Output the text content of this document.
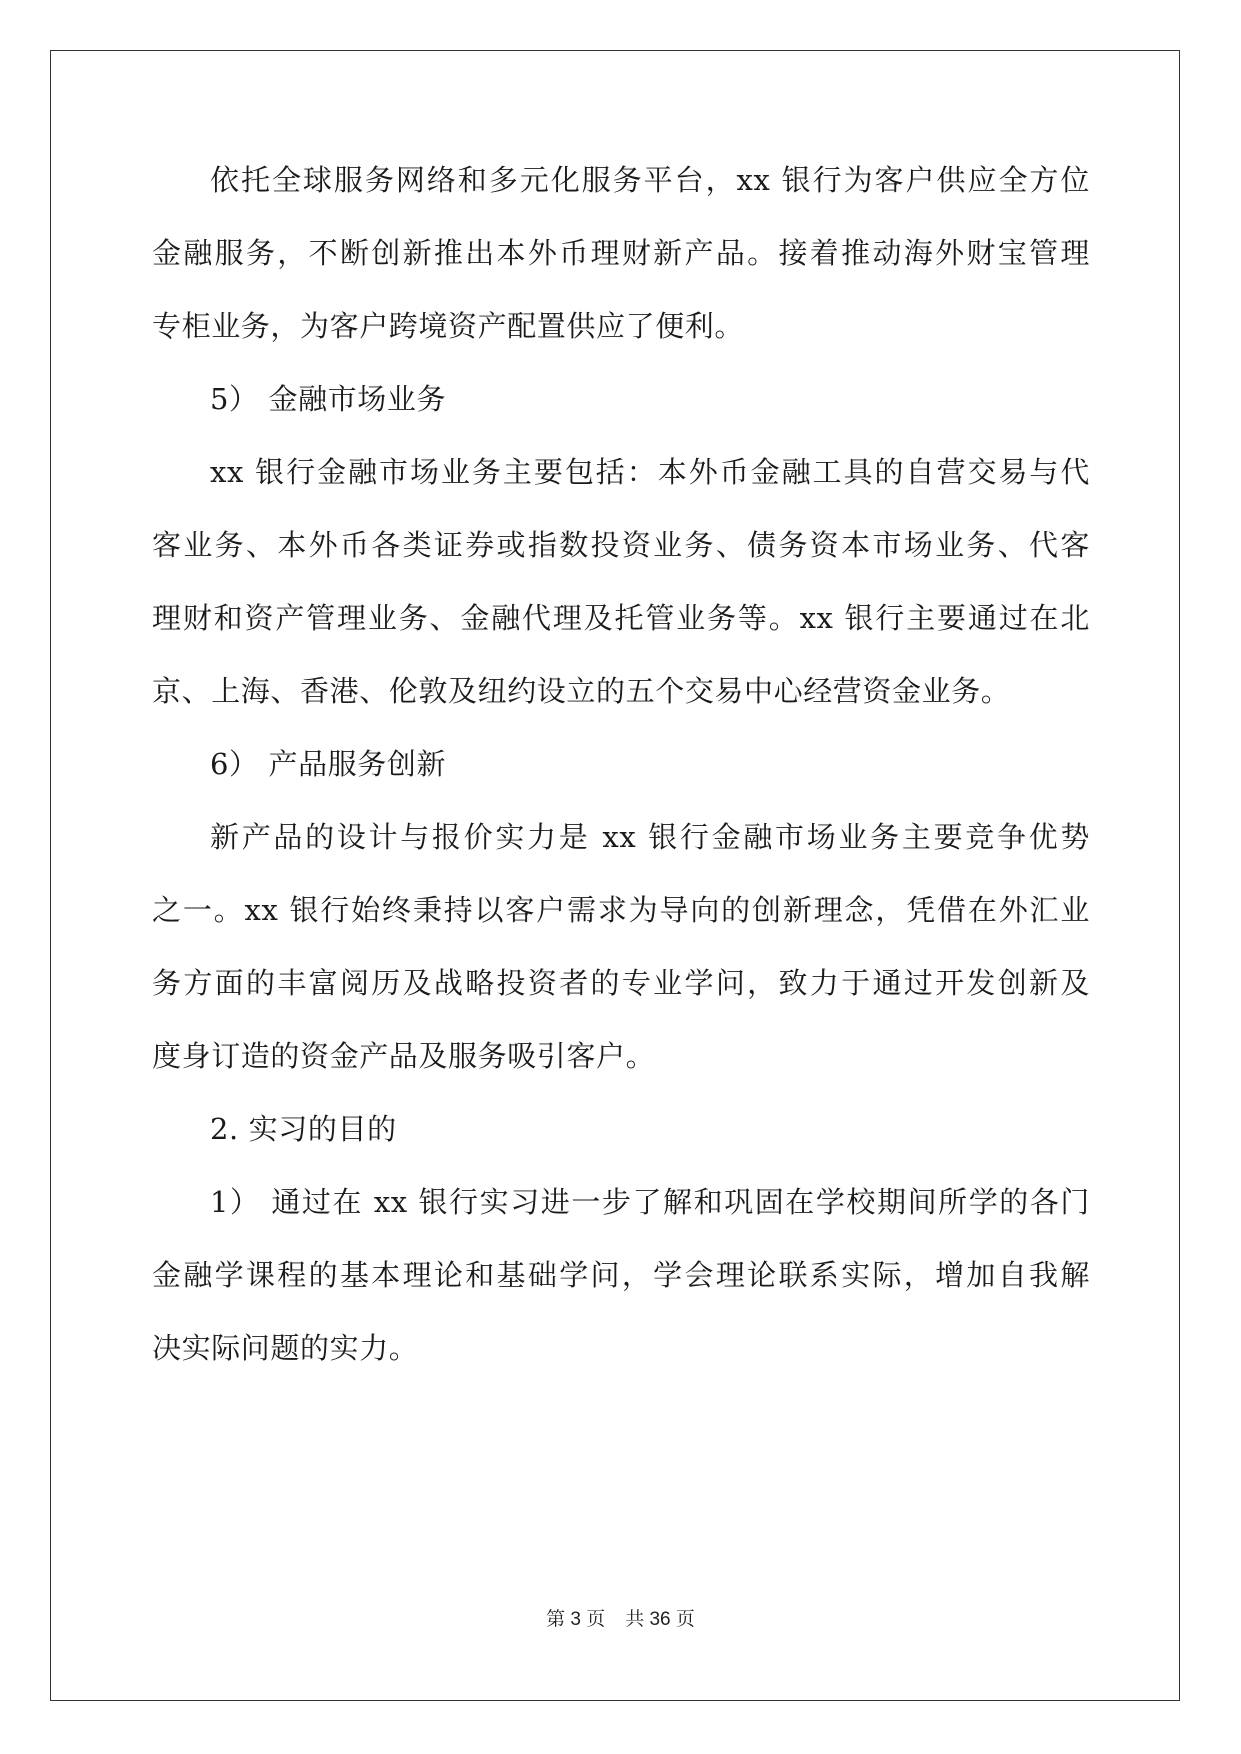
依托全球服务网络和多元化服务平台，xx 银行为客户供应全方位
金融服务，不断创新推出本外币理财新产品。接着推动海外财宝管理
专柜业务，为客户跨境资产配置供应了便利。
5） 金融市场业务
xx 银行金融市场业务主要包括：本外币金融工具的自营交易与代
客业务、本外币各类证券或指数投资业务、债务资本市场业务、代客
理财和资产管理业务、金融代理及托管业务等。xx 银行主要通过在北
京、上海、香港、伦敦及纽约设立的五个交易中心经营资金业务。
6） 产品服务创新
新产品的设计与报价实力是 xx 银行金融市场业务主要竞争优势
之一。xx 银行始终秉持以客户需求为导向的创新理念，凭借在外汇业
务方面的丰富阅历及战略投资者的专业学问，致力于通过开发创新及
度身订造的资金产品及服务吸引客户。
2. 实习的目的
1） 通过在 xx 银行实习进一步了解和巩固在学校期间所学的各门
金融学课程的基本理论和基础学问，学会理论联系实际，增加自我解
决实际问题的实力。
第 3 页 共 36 页
